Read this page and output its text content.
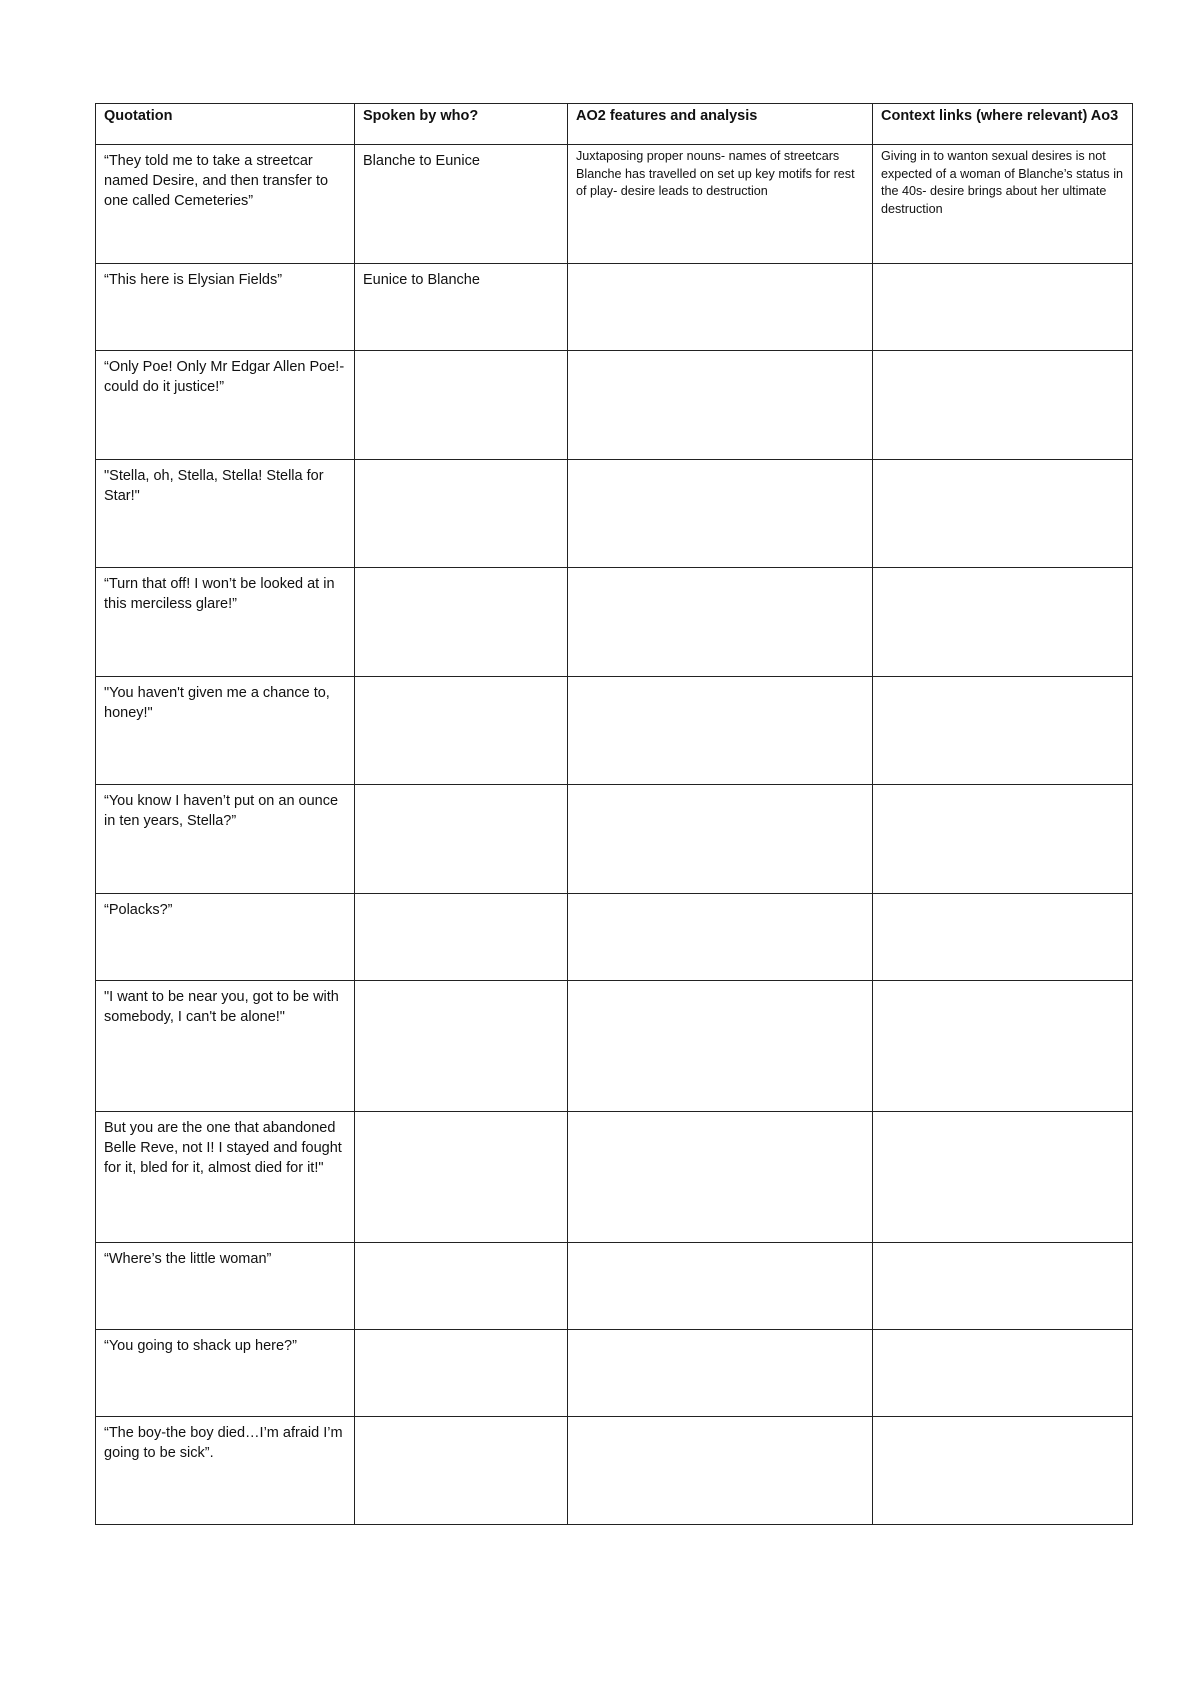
Quotation	Spoken by who?	AO2 features and analysis	Context links (where relevant) Ao3
“They told me to take a streetcar named Desire, and then transfer to one called Cemeteries”	Blanche to Eunice	Juxtaposing proper nouns- names of streetcars Blanche has travelled on set up key motifs for rest of play- desire leads to destruction	Giving in to wanton sexual desires is not expected of a woman of Blanche’s status in the 40s- desire brings about her ultimate destruction
“This here is Elysian Fields”	Eunice to Blanche		
“Only Poe! Only Mr Edgar Allen Poe!- could do it justice!”			
"Stella, oh, Stella, Stella! Stella for Star!"			
“Turn that off! I won’t be looked at in this merciless glare!”			
"You haven't given me a chance to, honey!"			
“You know I haven’t put on an ounce in ten years, Stella?”			
“Polacks?”			
"I want to be near you, got to be with somebody, I can't be alone!"			
But you are the one that abandoned Belle Reve, not I! I stayed and fought for it, bled for it, almost died for it!"			
“Where’s the little woman”			
“You going to shack up here?”			
“The boy-the boy died…I’m afraid I’m going to be sick”.			
